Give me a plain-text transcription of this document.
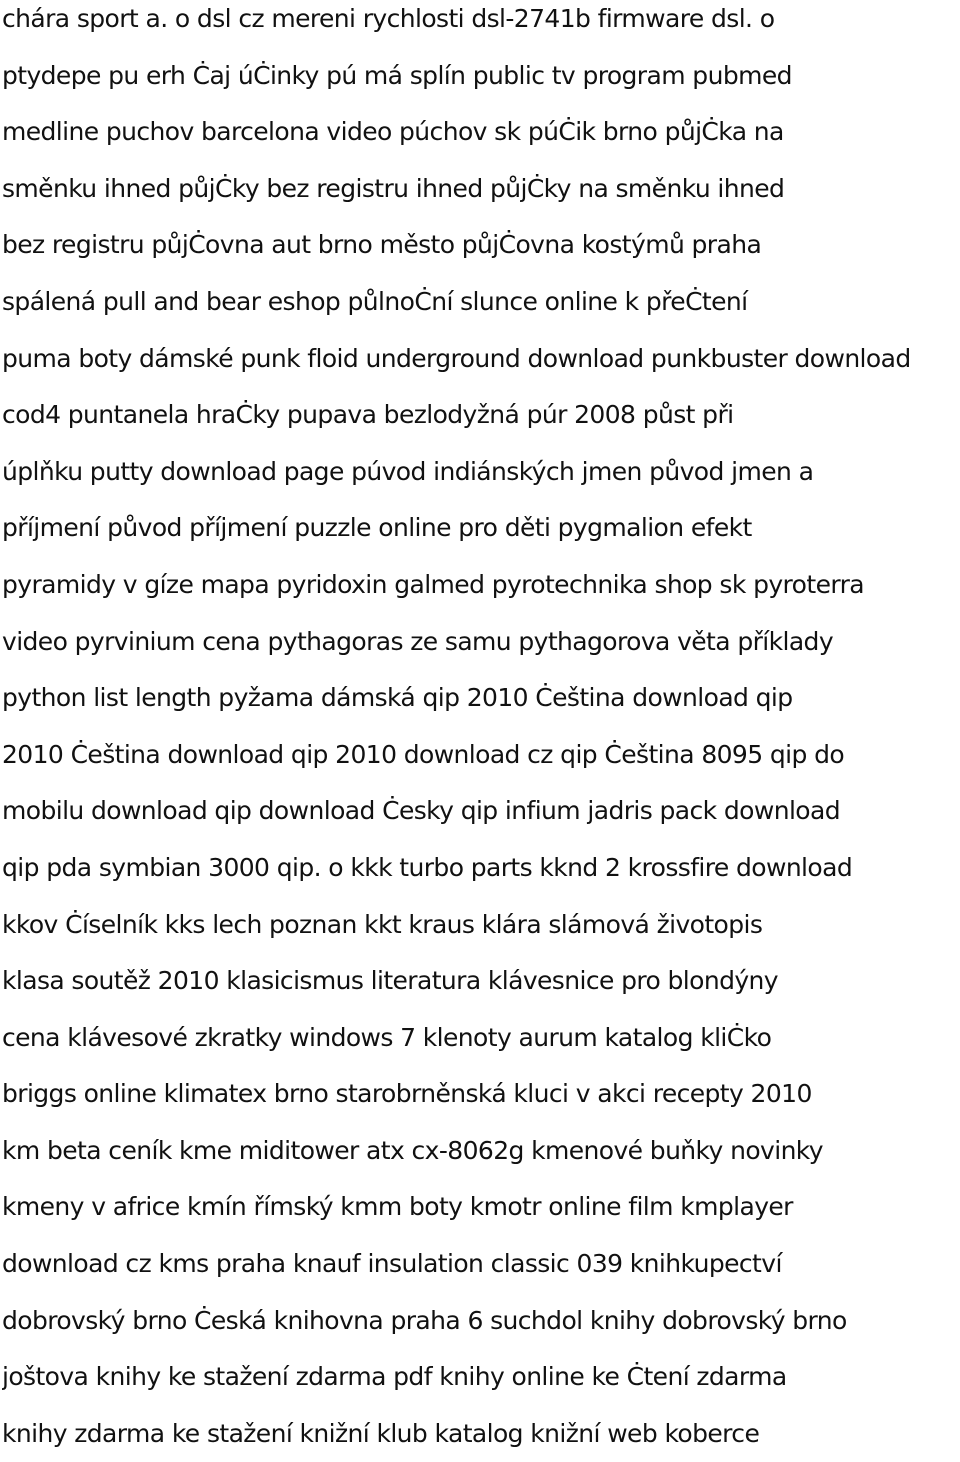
chára sport a. o dsl cz mereni rychlosti dsl-2741b firmware dsl. o
ptydepe pu erh Ċaj úĊinky pú má splín public tv program pubmed
medline puchov barcelona video púchov sk púĊik brno půjĊka na
směnku ihned půjĊky bez registru ihned půjĊky na směnku ihned
bez registru půjĊovna aut brno město půjĊovna kostýmů praha
spálená pull and bear eshop půlnoĊní slunce online k přeĊtení
puma boty dámské punk floid underground download punkbuster download
cod4 puntanela hraĊky pupava bezlodyžná púr 2008 půst při
úplňku putty download page púvod indiánských jmen původ jmen a
příjmení původ příjmení puzzle online pro děti pygmalion efekt
pyramidy v gíze mapa pyridoxin galmed pyrotechnika shop sk pyroterra
video pyrvinium cena pythagoras ze samu pythagorova věta příklady
python list length pyžama dámská qip 2010 Ċeština download qip
2010 Ċeština download qip 2010 download cz qip Ċeština 8095 qip do
mobilu download qip download Ċesky qip infium jadris pack download
qip pda symbian 3000 qip. o kkk turbo parts kknd 2 krossfire download
kkov Ċíselník kks lech poznan kkt kraus klára slámová životopis
klasa soutěž 2010 klasicismus literatura klávesnice pro blondýny
cena klávesové zkratky windows 7 klenoty aurum katalog kliĊko
briggs online klimatex brno starobrněnská kluci v akci recepty 2010
km beta ceník kme miditower atx cx-8062g kmenové buňky novinky
kmeny v africe kmín římský kmm boty kmotr online film kmplayer
download cz kms praha knauf insulation classic 039 knihkupectví
dobrovský brno Ċeská knihovna praha 6 suchdol knihy dobrovský brno
joštova knihy ke stažení zdarma pdf knihy online ke Ċtení zdarma
knihy zdarma ke stažení knižní klub katalog knižní web koberce
